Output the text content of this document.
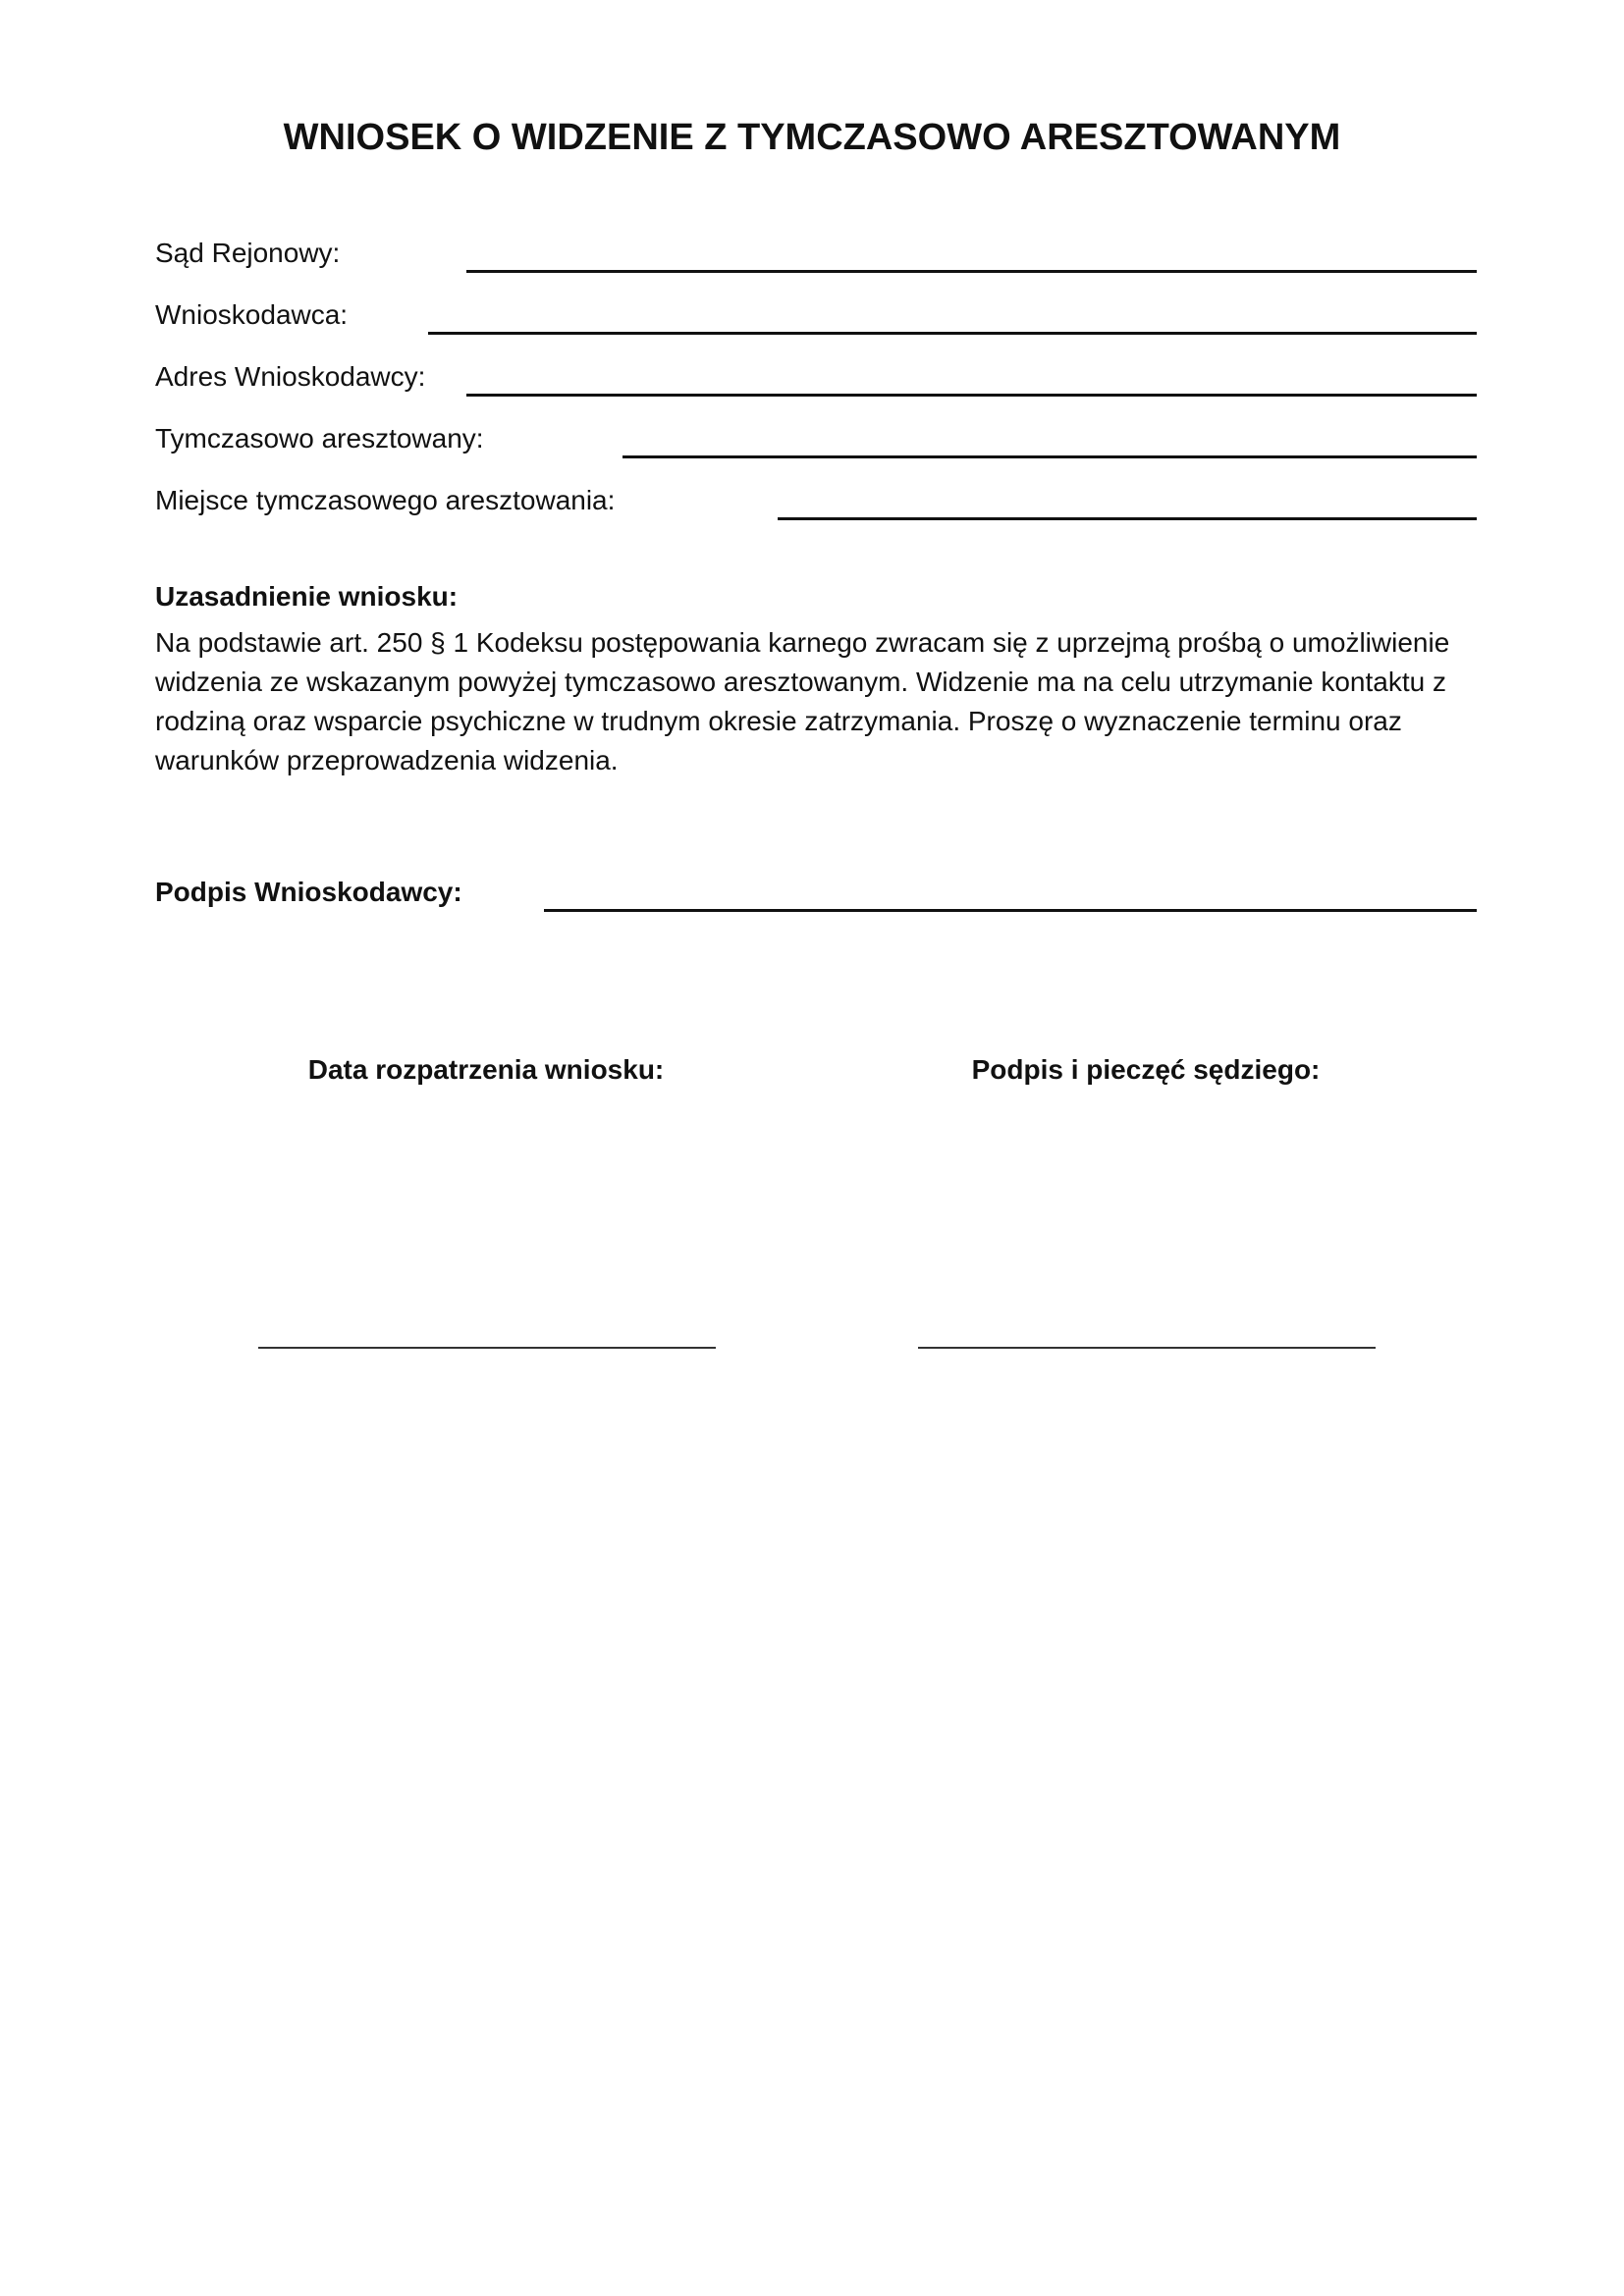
WNIOSEK O WIDZENIE Z TYMCZASOWO ARESZTOWANYM
Sąd Rejonowy:
Wnioskodawca:
Adres Wnioskodawcy:
Tymczasowo aresztowany:
Miejsce tymczasowego aresztowania:
Uzasadnienie wniosku:
Na podstawie art. 250 § 1 Kodeksu postępowania karnego zwracam się z uprzejmą prośbą o umożliwienie widzenia ze wskazanym powyżej tymczasowo aresztowanym. Widzenie ma na celu utrzymanie kontaktu z rodziną oraz wsparcie psychiczne w trudnym okresie zatrzymania. Proszę o wyznaczenie terminu oraz warunków przeprowadzenia widzenia.
Podpis Wnioskodawcy:
Data rozpatrzenia wniosku:	Podpis i pieczęć sędziego:
